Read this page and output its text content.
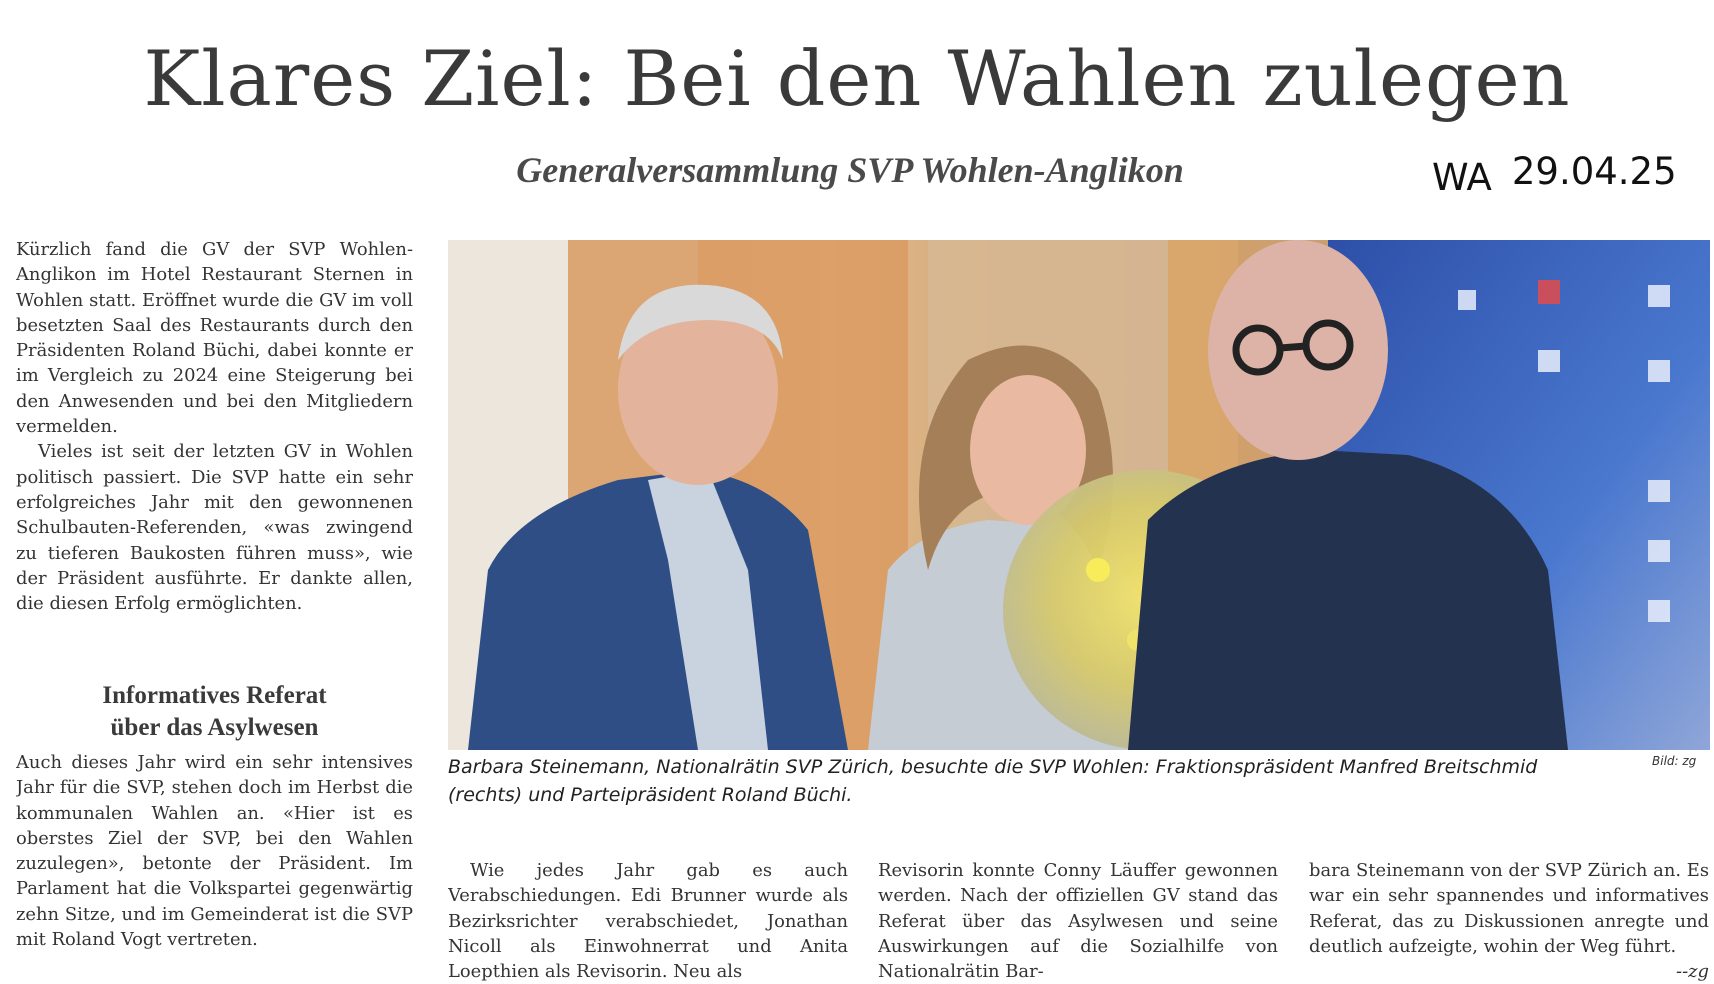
Klares Ziel: Bei den Wahlen zulegen
Generalversammlung SVP Wohlen-Anglikon	WA 29.04.25

Kürzlich fand die GV der SVP Wohlen-Anglikon im Hotel Restaurant Sternen in Wohlen statt. Eröffnet wurde die GV im voll besetzten Saal des Restaurants durch den Präsidenten Roland Büchi, dabei konnte er im Vergleich zu 2024 eine Steigerung bei den Anwesenden und bei den Mitgliedern vermelden.

Vieles ist seit der letzten GV in Wohlen politisch passiert. Die SVP hatte ein sehr erfolgreiches Jahr mit den gewonnenen Schulbauten-Referenden, «was zwingend zu tieferen Baukosten führen muss», wie der Präsident ausführte. Er dankte allen, die diesen Erfolg ermöglichten.

Informatives Referat
über das Asylwesen

Auch dieses Jahr wird ein sehr intensives Jahr für die SVP, stehen doch im Herbst die kommunalen Wahlen an. «Hier ist es oberstes Ziel der SVP, bei den Wahlen zuzulegen», betonte der Präsident. Im Parlament hat die Volkspartei gegenwärtig zehn Sitze, und im Gemeinderat ist die SVP mit Roland Vogt vertreten.

Barbara Steinemann, Nationalrätin SVP Zürich, besuchte die SVP Wohlen: Fraktionspräsident Manfred Breitschmid (rechts) und Parteipräsident Roland Büchi.
Bild: zg

Wie jedes Jahr gab es auch Verabschiedungen. Edi Brunner wurde als Bezirksrichter verabschiedet, Jonathan Nicoll als Einwohnerrat und Anita Loepthien als Revisorin. Neu als

Revisorin konnte Conny Läuffer gewonnen werden. Nach der offiziellen GV stand das Referat über das Asylwesen und seine Auswirkungen auf die Sozialhilfe von Nationalrätin Bar-

bara Steinemann von der SVP Zürich an. Es war ein sehr spannendes und informatives Referat, das zu Diskussionen anregte und deutlich aufzeigte, wohin der Weg führt.
--zg
